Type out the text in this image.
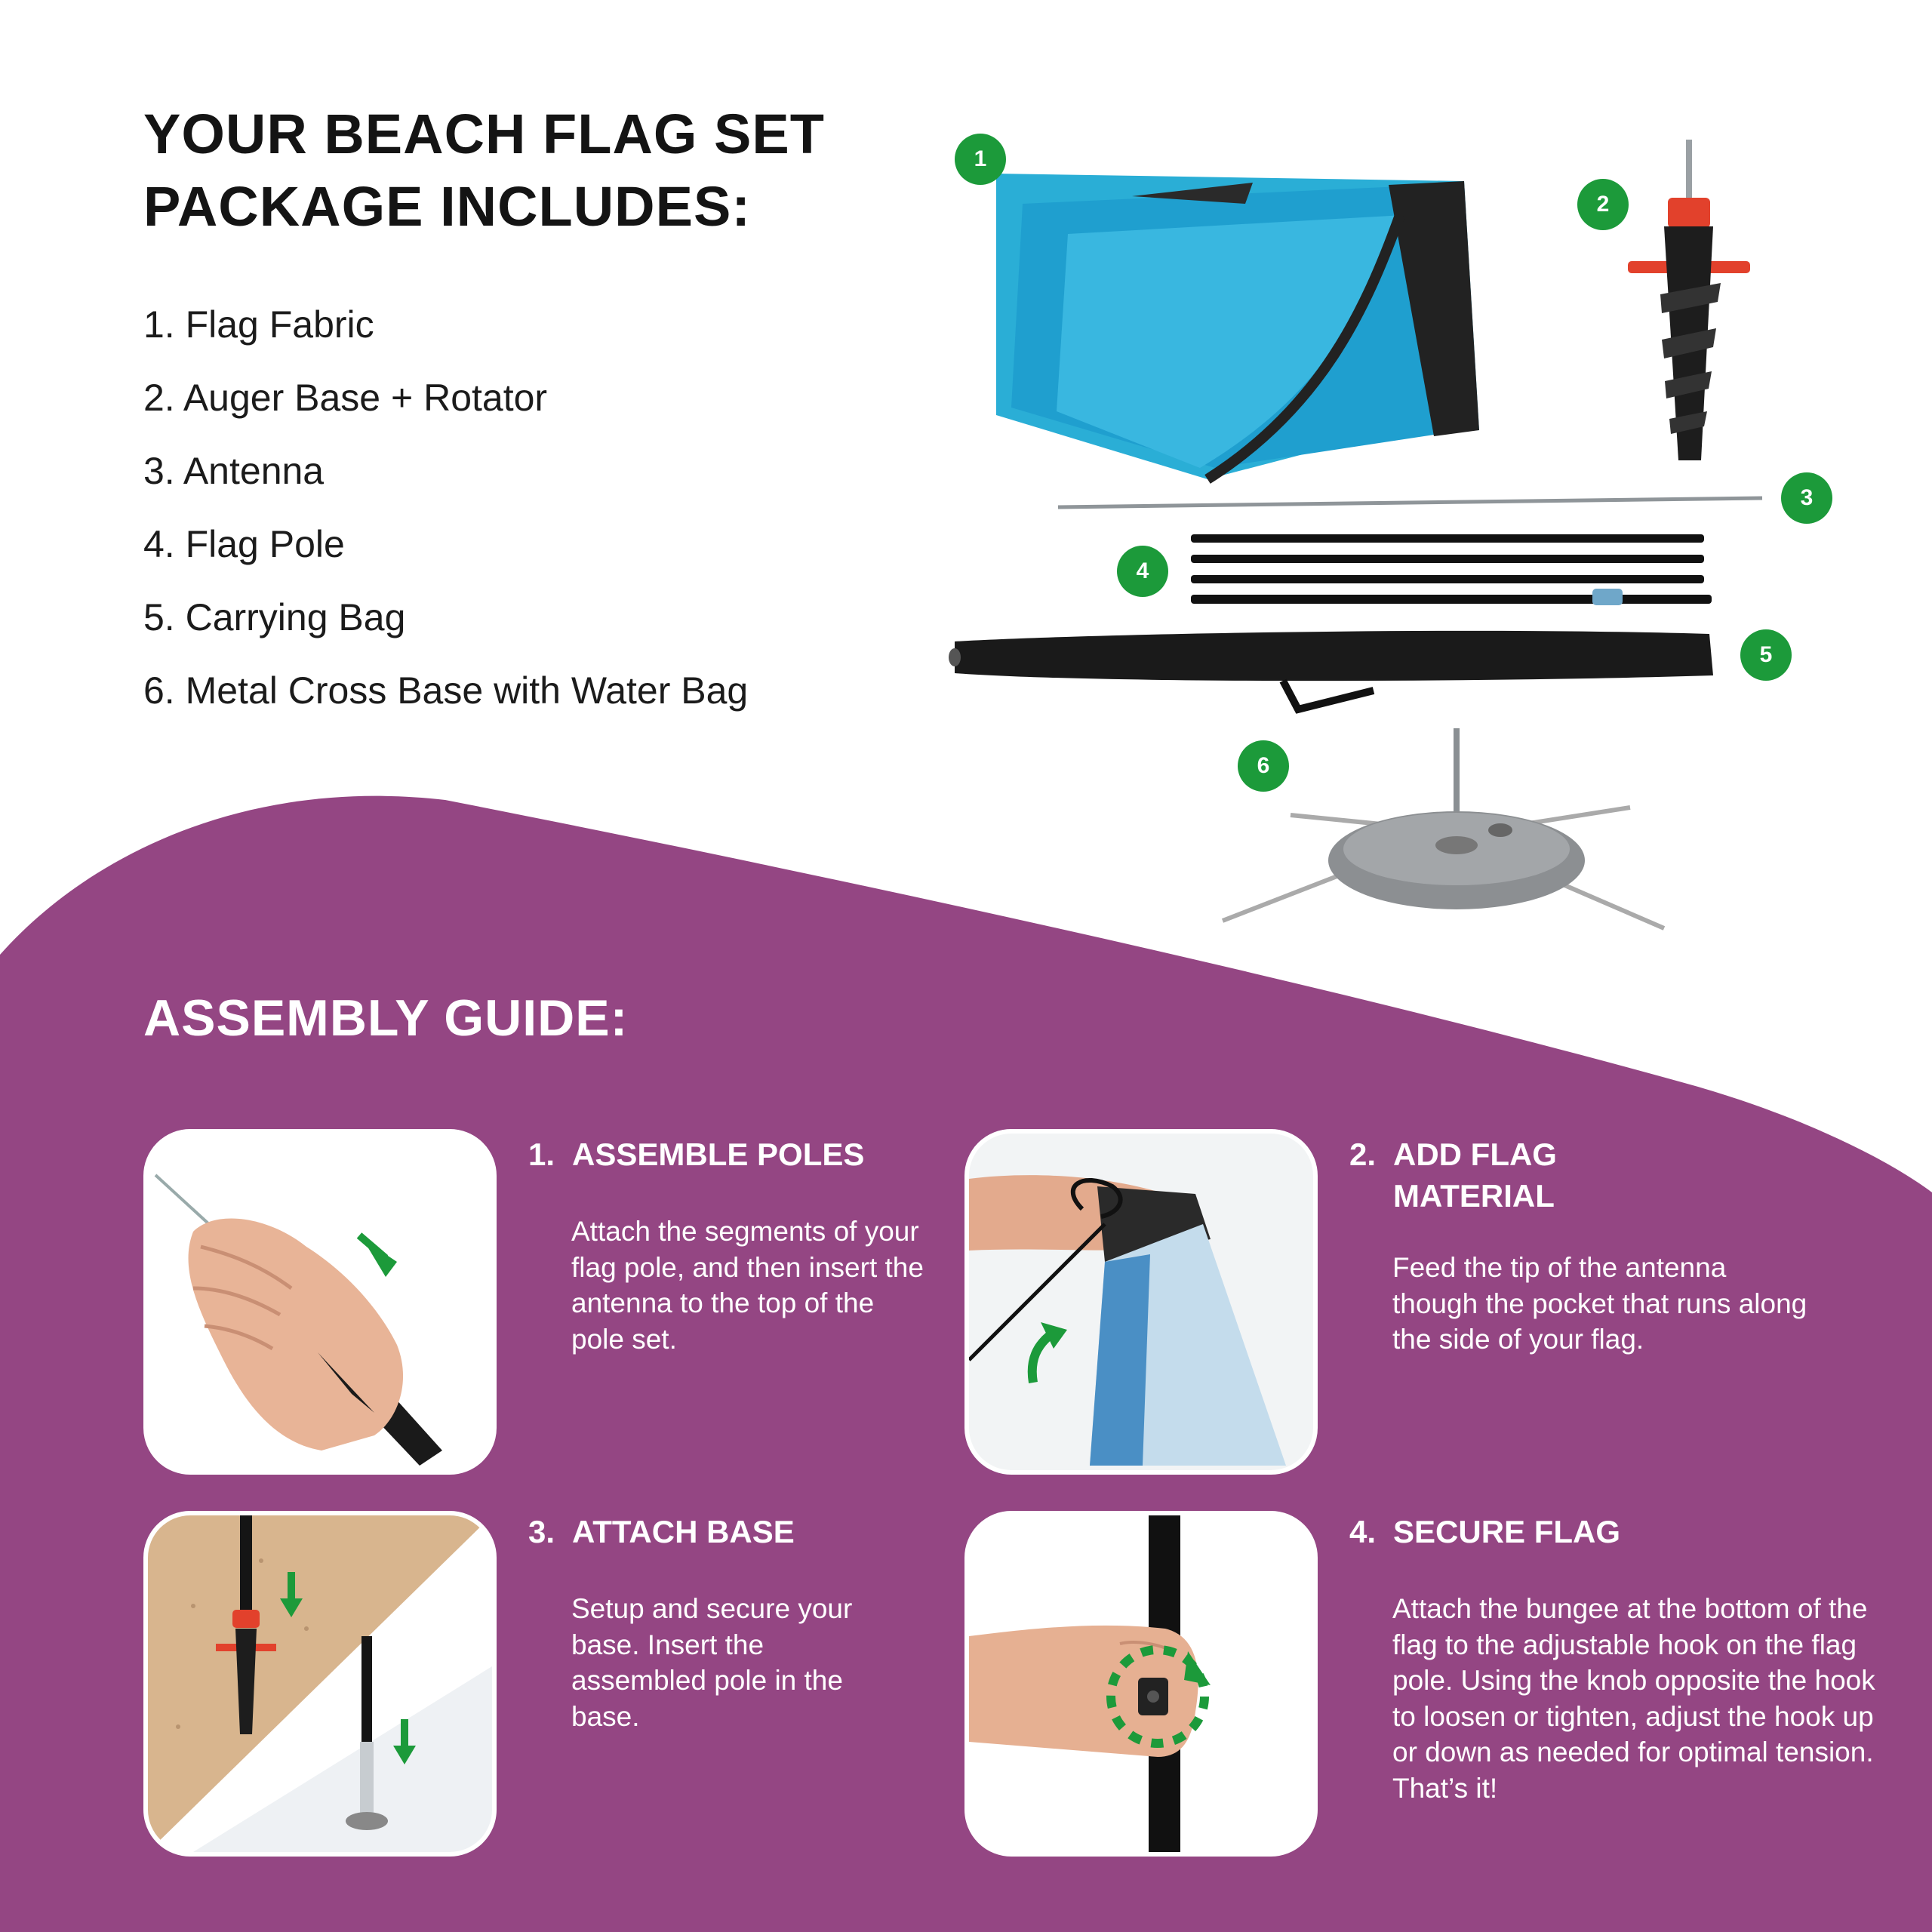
YOUR BEACH FLAG SET
PACKAGE INCLUDES:
1. Flag Fabric
2. Auger Base + Rotator
3. Antenna
4. Flag Pole
5. Carrying Bag
6. Metal Cross Base with Water Bag
1
2
3
4
5
6
ASSEMBLY GUIDE:
1. ASSEMBLE POLES
Attach the segments of your flag pole, and then insert the antenna to the top of the pole set.
2. ADD FLAG MATERIAL
Feed the tip of the antenna though the pocket that runs along the side of your flag.
3. ATTACH BASE
Setup and secure your base. Insert the assembled pole in the base.
4. SECURE FLAG
Attach the bungee at the bottom of the flag to the adjustable hook on the flag pole. Using the knob opposite the hook to loosen or tighten, adjust the hook up or down as needed for optimal tension. That’s it!
